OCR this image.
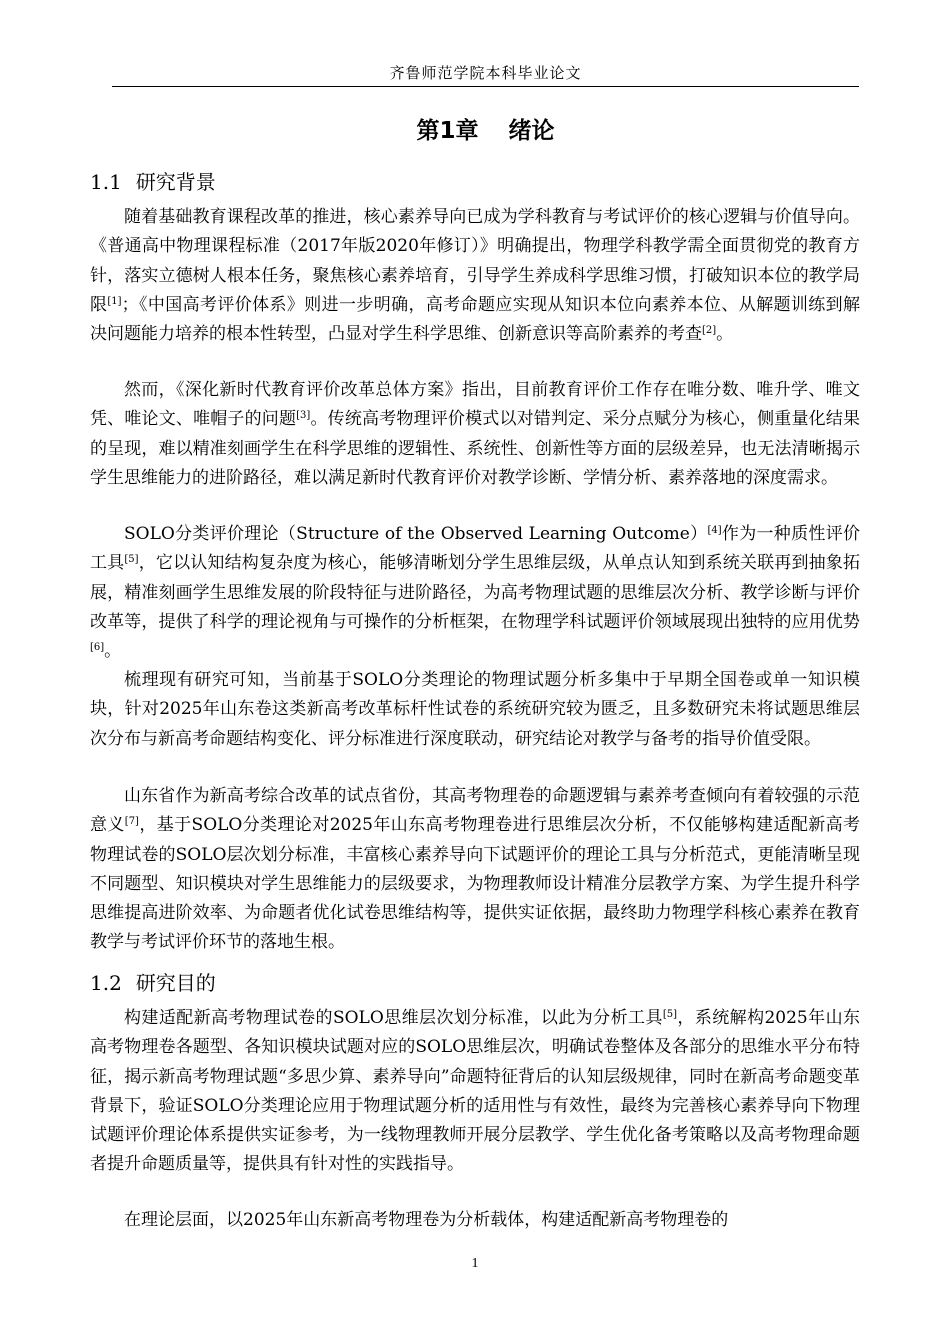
齐鲁师范学院本科毕业论文
第1章 绪论
1.1 研究背景

随着基础教育课程改革的推进，核心素养导向已成为学科教育与考试评价的核心逻辑与价值导向。《普通高中物理课程标准（2017年版2020年修订）》明确提出，物理学科教学需全面贯彻党的教育方针，落实立德树人根本任务，聚焦核心素养培育，引导学生养成科学思维习惯，打破知识本位的教学局限[1]；《中国高考评价体系》则进一步明确，高考命题应实现从知识本位向素养本位、从解题训练到解决问题能力培养的根本性转型，凸显对学生科学思维、创新意识等高阶素养的考查[2]。

然而，《深化新时代教育评价改革总体方案》指出，目前教育评价工作存在唯分数、唯升学、唯文凭、唯论文、唯帽子的问题[3]。传统高考物理评价模式以对错判定、采分点赋分为核心，侧重量化结果的呈现，难以精准刻画学生在科学思维的逻辑性、系统性、创新性等方面的层级差异，也无法清晰揭示学生思维能力的进阶路径，难以满足新时代教育评价对教学诊断、学情分析、素养落地的深度需求。

SOLO分类评价理论（Structure of the Observed Learning Outcome）[4]作为一种质性评价工具[5]，它以认知结构复杂度为核心，能够清晰划分学生思维层级，从单点认知到系统关联再到抽象拓展，精准刻画学生思维发展的阶段特征与进阶路径，为高考物理试题的思维层次分析、教学诊断与评价改革等，提供了科学的理论视角与可操作的分析框架，在物理学科试题评价领域展现出独特的应用优势[6]。

梳理现有研究可知，当前基于SOLO分类理论的物理试题分析多集中于早期全国卷或单一知识模块，针对2025年山东卷这类新高考改革标杆性试卷的系统研究较为匮乏，且多数研究未将试题思维层次分布与新高考命题结构变化、评分标准进行深度联动，研究结论对教学与备考的指导价值受限。

山东省作为新高考综合改革的试点省份，其高考物理卷的命题逻辑与素养考查倾向有着较强的示范意义[7]，基于SOLO分类理论对2025年山东高考物理卷进行思维层次分析，不仅能够构建适配新高考物理试卷的SOLO层次划分标准，丰富核心素养导向下试题评价的理论工具与分析范式，更能清晰呈现不同题型、知识模块对学生思维能力的层级要求，为物理教师设计精准分层教学方案、为学生提升科学思维提高进阶效率、为命题者优化试卷思维结构等，提供实证依据，最终助力物理学科核心素养在教育教学与考试评价环节的落地生根。

1.2 研究目的

构建适配新高考物理试卷的SOLO思维层次划分标准，以此为分析工具[5]，系统解构2025年山东高考物理卷各题型、各知识模块试题对应的SOLO思维层次，明确试卷整体及各部分的思维水平分布特征，揭示新高考物理试题“多思少算、素养导向”命题特征背后的认知层级规律，同时在新高考命题变革背景下，验证SOLO分类理论应用于物理试题分析的适用性与有效性，最终为完善核心素养导向下物理试题评价理论体系提供实证参考，为一线物理教师开展分层教学、学生优化备考策略以及高考物理命题者提升命题质量等，提供具有针对性的实践指导。

在理论层面，以2025年山东新高考物理卷为分析载体，构建适配新高考物理卷的

1
